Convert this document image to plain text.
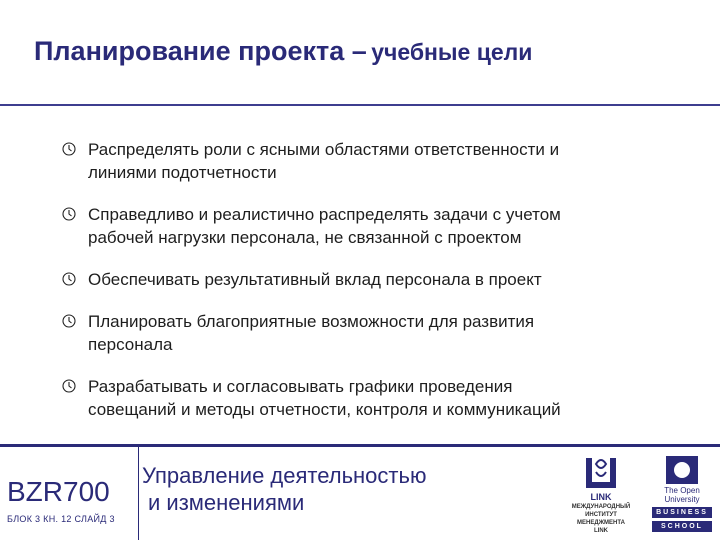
Планирование проекта – учебные цели
Распределять роли с ясными областями ответственности и
линиями подотчетности
Справедливо и реалистично распределять задачи с учетом
рабочей нагрузки персонала, не связанной с проектом
Обеспечивать результативный вклад персонала в проект
Планировать благоприятные возможности для развития
персонала
Разрабатывать и согласовывать графики проведения
совещаний и методы отчетности, контроля и коммуникаций
BZR700
БЛОК 3 КН. 12 СЛАЙД 3
Управление деятельностью
и изменениями	LINK
МЕЖДУНАРОДНЫЙ
ИНСТИТУТ
МЕНЕДЖМЕНТА
LINK
The Open
University
BUSINESS
SCHOOL
